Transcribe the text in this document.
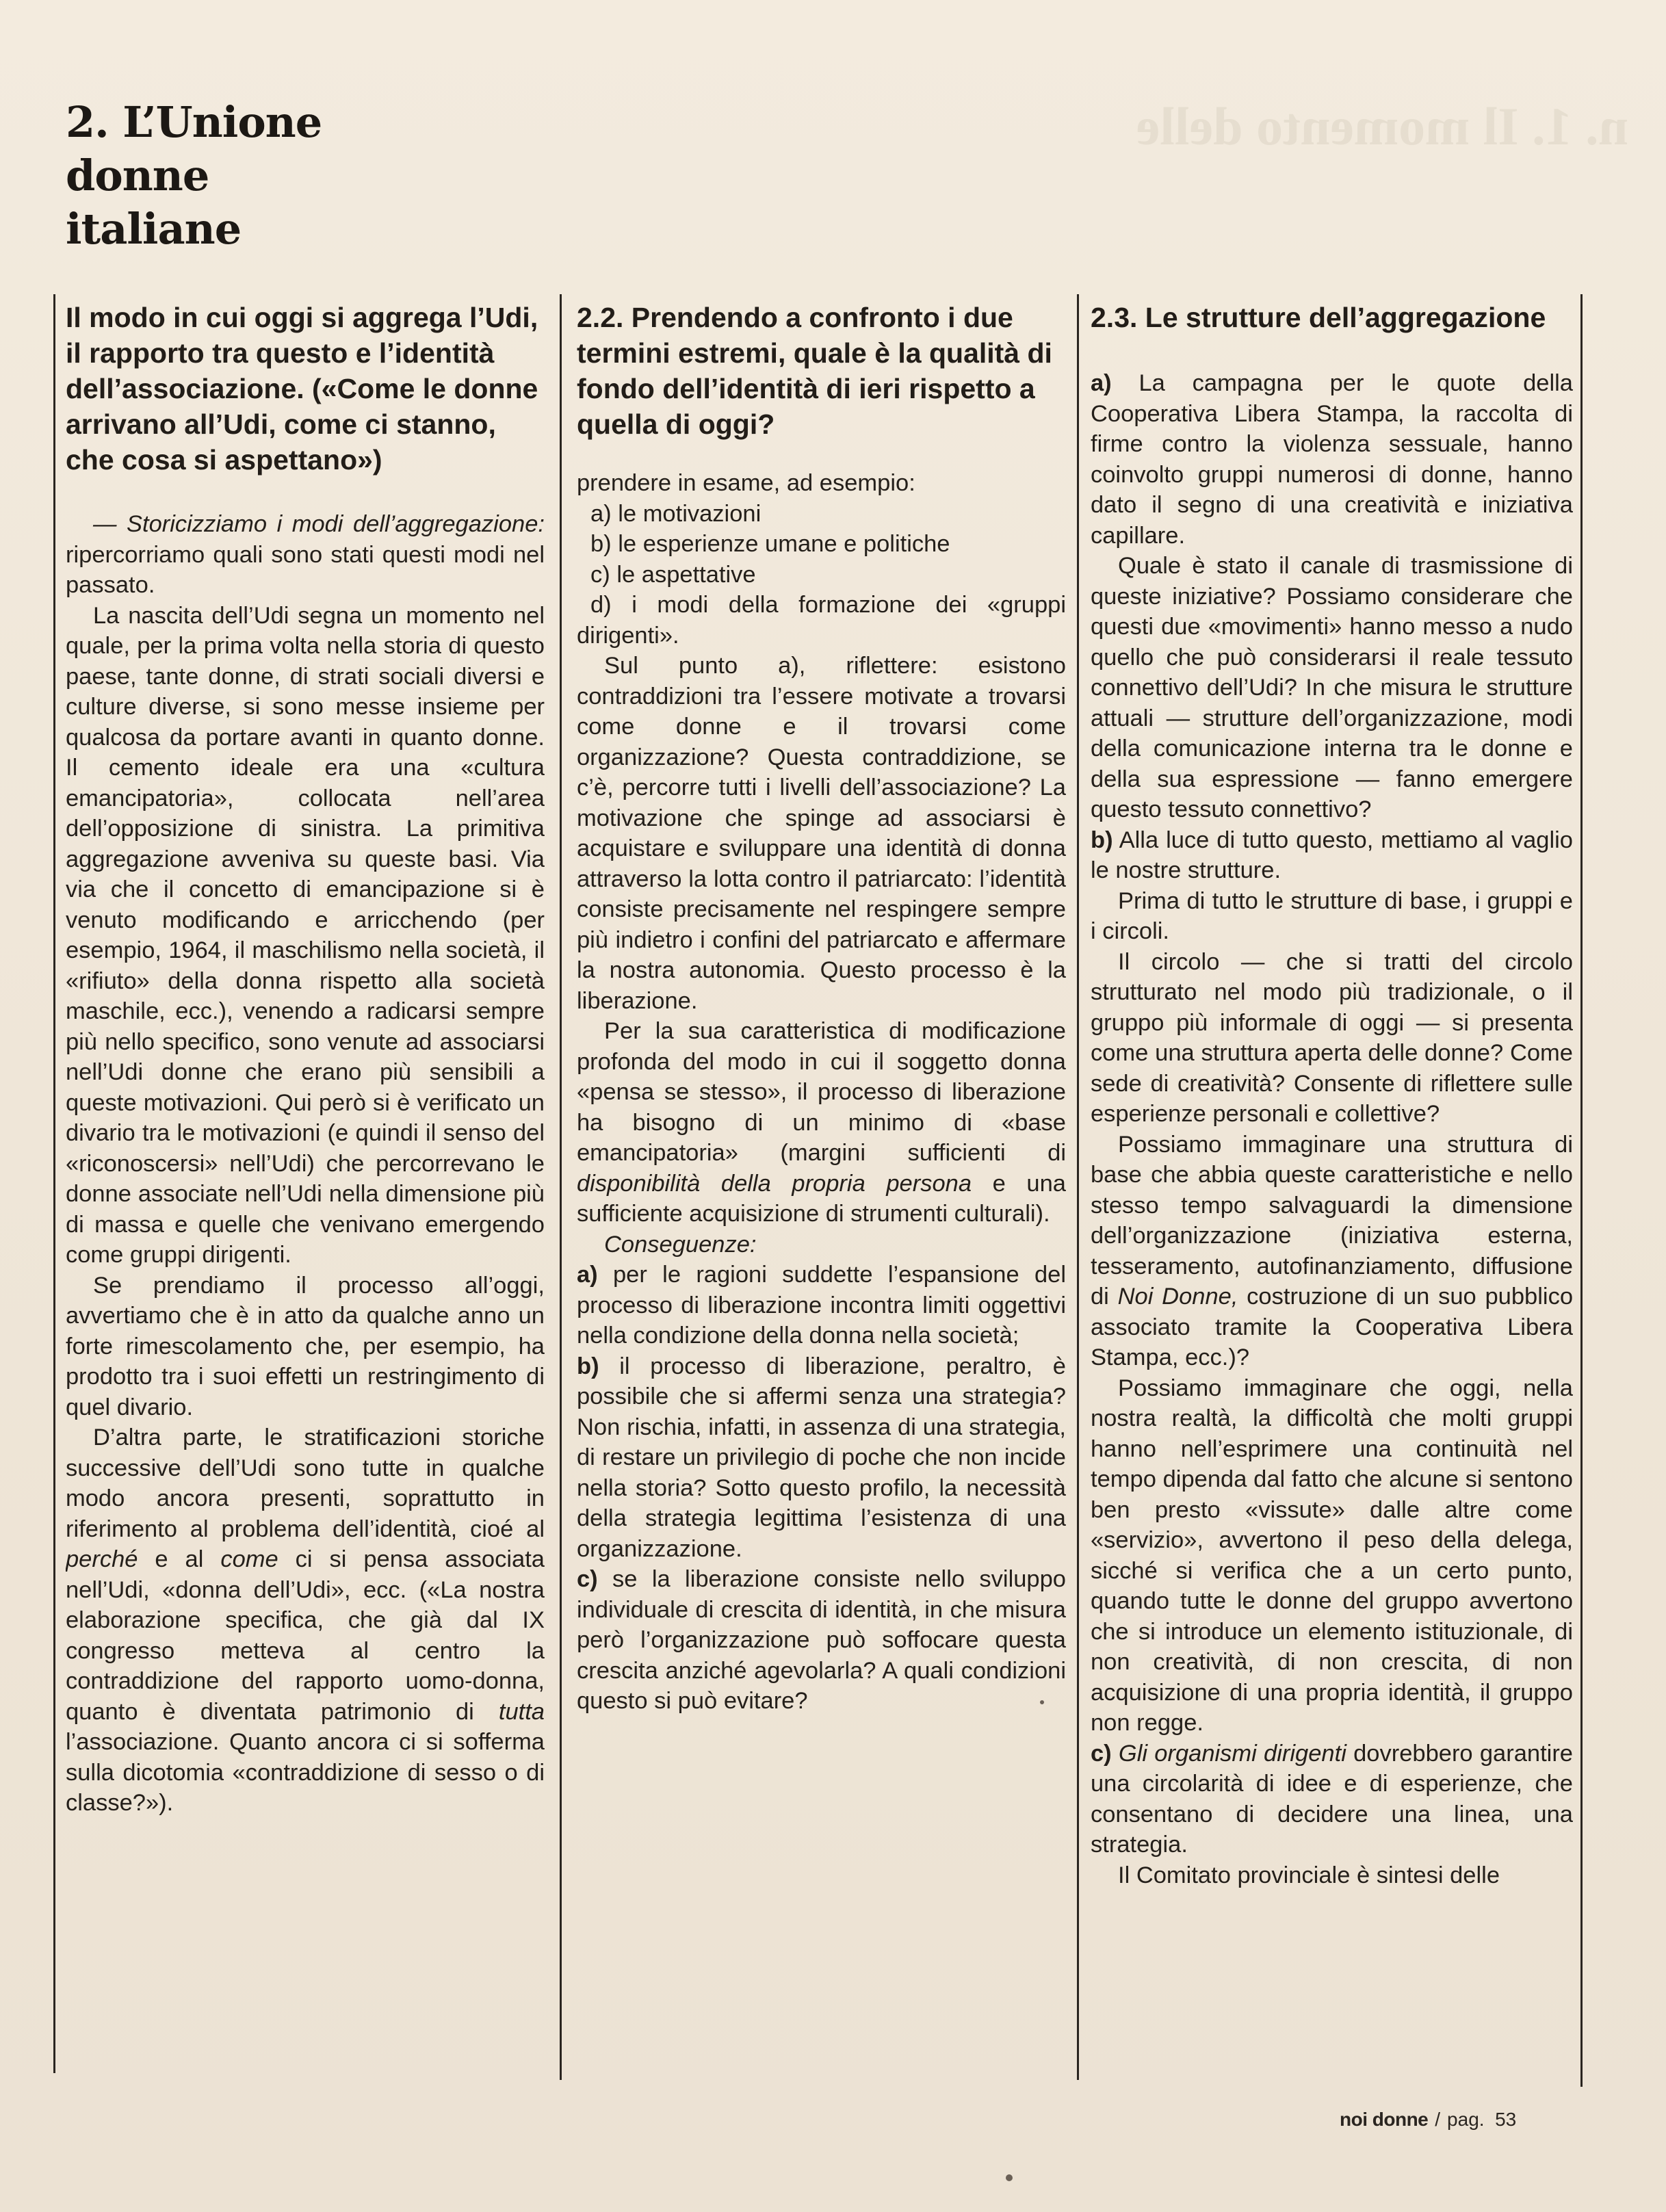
n. 1. Il momento delle
2. L’Unione
donne
italiane
Il modo in cui oggi si aggrega l’Udi, il rapporto tra questo e l’identità dell’associazione. («Come le donne arrivano all’Udi, come ci stanno, che cosa si aspettano»)

— Storicizziamo i modi dell’aggregazione: ripercorriamo quali sono stati questi modi nel passato.

La nascita dell’Udi segna un momento nel quale, per la prima volta nella storia di questo paese, tante donne, di strati sociali diversi e culture diverse, si sono messe insieme per qualcosa da portare avanti in quanto donne. Il cemento ideale era una «cultura emancipatoria», collocata nell’area dell’opposizione di sinistra. La primitiva aggregazione avveniva su queste basi. Via via che il concetto di emancipazione si è venuto modificando e arricchendo (per esempio, 1964, il maschilismo nella società, il «rifiuto» della donna rispetto alla società maschile, ecc.), venendo a radicarsi sempre più nello specifico, sono venute ad associarsi nell’Udi donne che erano più sensibili a queste motivazioni. Qui però si è verificato un divario tra le motivazioni (e quindi il senso del «riconoscersi» nell’Udi) che percorrevano le donne associate nell’Udi nella dimensione più di massa e quelle che venivano emergendo come gruppi dirigenti.

Se prendiamo il processo all’oggi, avvertiamo che è in atto da qualche anno un forte rimescolamento che, per esempio, ha prodotto tra i suoi effetti un restringimento di quel divario.

D’altra parte, le stratificazioni storiche successive dell’Udi sono tutte in qualche modo ancora presenti, soprattutto in riferimento al problema dell’identità, cioé al perché e al come ci si pensa associata nell’Udi, «donna dell’Udi», ecc. («La nostra elaborazione specifica, che già dal IX congresso metteva al centro la contraddizione del rapporto uomo-donna, quanto è diventata patrimonio di tutta l’associazione. Quanto ancora ci si sofferma sulla dicotomia «contraddizione di sesso o di classe?»).

2.2. Prendendo a confronto i due termini estremi, quale è la qualità di fondo dell’identità di ieri rispetto a quella di oggi?

prendere in esame, ad esempio:

a) le motivazioni

b) le esperienze umane e politiche

c) le aspettative

d) i modi della formazione dei «gruppi dirigenti».

Sul punto a), riflettere: esistono contraddizioni tra l’essere motivate a trovarsi come donne e il trovarsi come organizzazione? Questa contraddizione, se c’è, percorre tutti i livelli dell’associazione? La motivazione che spinge ad associarsi è acquistare e sviluppare una identità di donna attraverso la lotta contro il patriarcato: l’identità consiste precisamente nel respingere sempre più indietro i confini del patriarcato e affermare la nostra autonomia. Questo processo è la liberazione.

Per la sua caratteristica di modificazione profonda del modo in cui il soggetto donna «pensa se stesso», il processo di liberazione ha bisogno di un minimo di «base emancipatoria» (margini sufficienti di disponibilità della propria persona e una sufficiente acquisizione di strumenti culturali).

Conseguenze:

a) per le ragioni suddette l’espansione del processo di liberazione incontra limiti oggettivi nella condizione della donna nella società;

b) il processo di liberazione, peraltro, è possibile che si affermi senza una strategia? Non rischia, infatti, in assenza di una strategia, di restare un privilegio di poche che non incide nella storia? Sotto questo profilo, la necessità della strategia legittima l’esistenza di una organizzazione.

c) se la liberazione consiste nello sviluppo individuale di crescita di identità, in che misura però l’organizzazione può soffocare questa crescita anziché agevolarla? A quali condizioni questo si può evitare?

2.3. Le strutture dell’aggregazione

a) La campagna per le quote della Cooperativa Libera Stampa, la raccolta di firme contro la violenza sessuale, hanno coinvolto gruppi numerosi di donne, hanno dato il segno di una creatività e iniziativa capillare.

Quale è stato il canale di trasmissione di queste iniziative? Possiamo considerare che questi due «movimenti» hanno messo a nudo quello che può considerarsi il reale tessuto connettivo dell’Udi? In che misura le strutture attuali — strutture dell’organizzazione, modi della comunicazione interna tra le donne e della sua espressione — fanno emergere questo tessuto connettivo?

b) Alla luce di tutto questo, mettiamo al vaglio le nostre strutture.

Prima di tutto le strutture di base, i gruppi e i circoli.

Il circolo — che si tratti del circolo strutturato nel modo più tradizionale, o il gruppo più informale di oggi — si presenta come una struttura aperta delle donne? Come sede di creatività? Consente di riflettere sulle esperienze personali e collettive?

Possiamo immaginare una struttura di base che abbia queste caratteristiche e nello stesso tempo salvaguardi la dimensione dell’organizzazione (iniziativa esterna, tesseramento, autofinanziamento, diffusione di Noi Donne, costruzione di un suo pubblico associato tramite la Cooperativa Libera Stampa, ecc.)?

Possiamo immaginare che oggi, nella nostra realtà, la difficoltà che molti gruppi hanno nell’esprimere una continuità nel tempo dipenda dal fatto che alcune si sentono ben presto «vissute» dalle altre come «servizio», avvertono il peso della delega, sicché si verifica che a un certo punto, quando tutte le donne del gruppo avvertono che si introduce un elemento istituzionale, di non creatività, di non crescita, di non acquisizione di una propria identità, il gruppo non regge.

c) Gli organismi dirigenti dovrebbero garantire una circolarità di idee e di esperienze, che consentano di decidere una linea, una strategia.

Il Comitato provinciale è sintesi delle

noi donne / pag. 53
